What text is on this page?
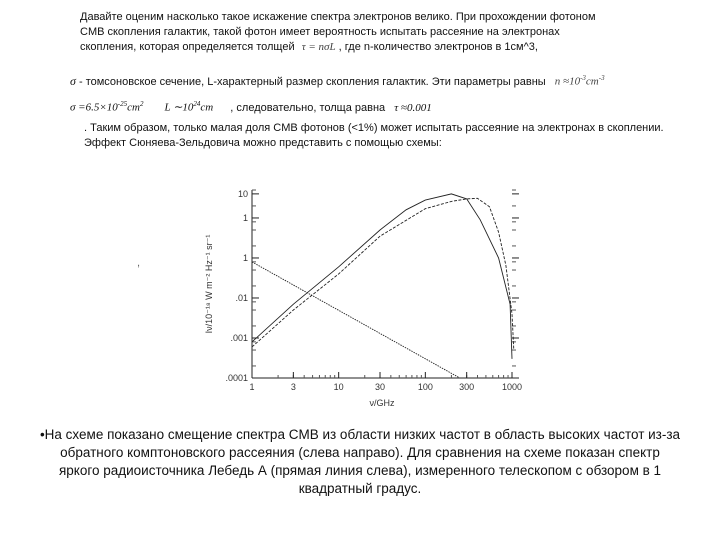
Давайте оценим насколько такое искажение спектра электронов велико. При прохождении фотоном
CMB скопления галактик, такой фотон имеет вероятность испытать рассеяние на электронах
скопления, которая определяется толщей τ = nσL , где n-количество электронов в 1см^3,
σ - томсоновское сечение, L-характерный размер скопления галактик. Эти параметры равны $n \approx 10^{-3}cm^{-3}$
$\sigma =6.5\times 10^{-25}cm^2$ L $\sim 10^{24}cm$ , следовательно, толща равна τ ≈0.001
. Таким образом, только малая доля CMB фотонов (<1%) может испытать рассеяние на электронах в скоплении.
Эффект Сюняева-Зельдовича можно представить с помощью схемы:
,
1	3	10	30	100	300	1000
.0001
.001
.01
1
1
10
ν/GHz
Iν/10⁻¹⁸ W m⁻² Hz⁻¹ sr⁻¹
•На схеме показано смещение спектра CMB из области низких частот в область высоких частот из-за
обратного комптоновского рассеяния (слева направо). Для сравнения на схеме показан спектр
яркого радиоисточника Лебедь А (прямая линия слева), измеренного телескопом с обзором в 1
квадратный градус.
